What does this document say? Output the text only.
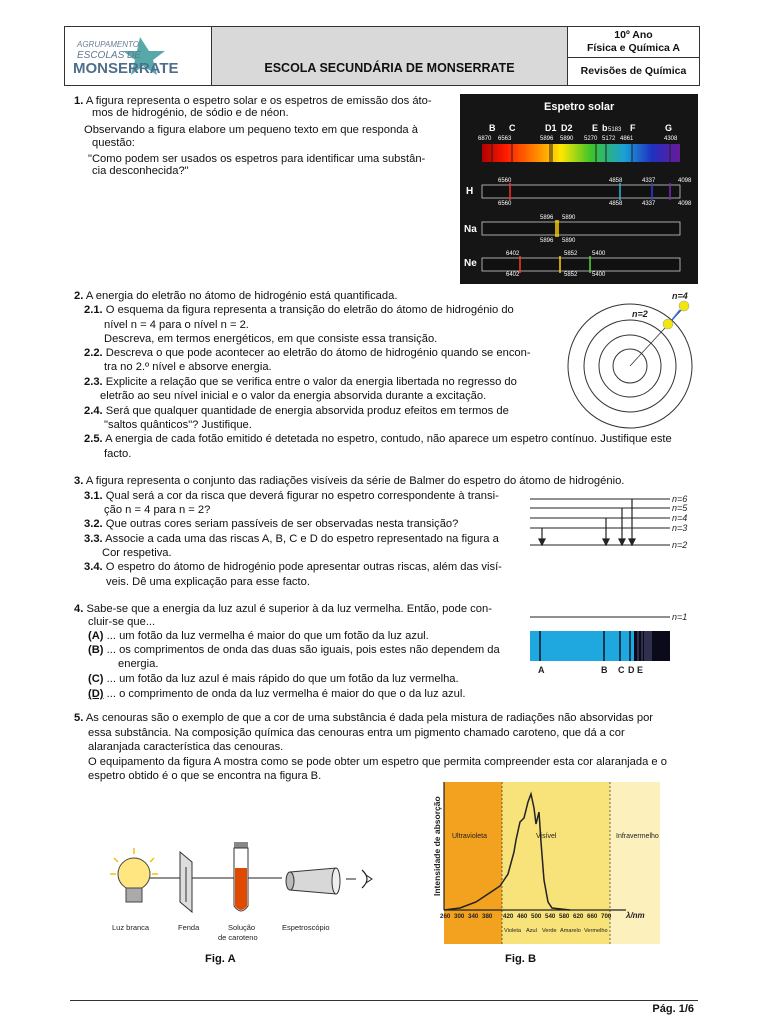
AGRUPAMENTO
ESCOLAS DE
MONSERRATE	ESCOLA SECUNDÁRIA DE MONSERRATE
10º Ano
Física e Química A
Revisões de Química
1. A figura representa o espetro solar e os espetros de emissão dos áto-
mos de hidrogénio, de sódio e de néon.
Observando a figura elabore um pequeno texto em que responda à
questão:
"Como podem ser usados os espetros para identificar uma substân-
cia desconhecida?"
Espetro solar
B C	D1 D2 E b	F	G
5183
6870 6563	5896 5890 5270 5172 4861	4308
H
6560	4858	4337	4098
6560	4858	4337	4098
Na
5896 5890
5896 5890
Ne
6402	5852 5400
6402	5852 5400
2. A energia do eletrão no átomo de hidrogénio está quantificada.
2.1. O esquema da figura representa a transição do eletrão do átomo de hidrogénio do
nível n = 4 para o nível n = 2.
Descreva, em termos energéticos, em que consiste essa transição.
2.2. Descreva o que pode acontecer ao eletrão do átomo de hidrogénio quando se encon-
tra no 2.º nível e absorve energia.
2.3. Explicite a relação que se verifica entre o valor da energia libertada no regresso do
eletrão ao seu nível inicial e o valor da energia absorvida durante a excitação.
2.4. Será que qualquer quantidade de energia absorvida produz efeitos em termos de
"saltos quânticos"? Justifique.
2.5. A energia de cada fotão emitido é detetada no espetro, contudo, não aparece um espetro contínuo. Justifique este
facto.
n=4
n=2
3. A figura representa o conjunto das radiações visíveis da série de Balmer do espetro do átomo de hidrogénio.
3.1. Qual será a cor da risca que deverá figurar no espetro correspondente à transi-
ção n = 4 para n = 2?
3.2. Que outras cores seriam passíveis de ser observadas nesta transição?
3.3. Associe a cada uma das riscas A, B, C e D do espetro representado na figura a
Cor respetiva.
3.4. O espetro do átomo de hidrogénio pode apresentar outras riscas, além das visí-
veis. Dê uma explicação para esse facto.
n=6
n=5
n=4
n=3
n=2
n=1
A	B C D E
4. Sabe-se que a energia da luz azul é superior à da luz vermelha. Então, pode con-
cluir-se que...
(A) ... um fotão da luz vermelha é maior do que um fotão da luz azul.
(B) ... os comprimentos de onda das duas são iguais, pois estes não dependem da
energia.
(C) ... um fotão da luz azul é mais rápido do que um fotão da luz vermelha.
(D) ... o comprimento de onda da luz vermelha é maior do que o da luz azul.
5. As cenouras são o exemplo de que a cor de uma substância é dada pela mistura de radiações não absorvidas por
essa substância. Na composição química das cenouras entra um pigmento chamado caroteno, que dá a cor
alaranjada característica das cenouras.
O equipamento da figura A mostra como se pode obter um espetro que permita compreender esta cor alaranjada e o
espetro obtido é o que se encontra na figura B.
Luz branca	Fenda	Solução
de caroteno
Espetroscópio
Fig. A
Intensidade de absorção Ultravioleta	Visível	Infravermelho
260 300 340 380 420 460 500 540 580 620 660 700 λ/nm
Violeta Azul Verde Amarelo Vermelho
Fig. B
Pág. 1/6
